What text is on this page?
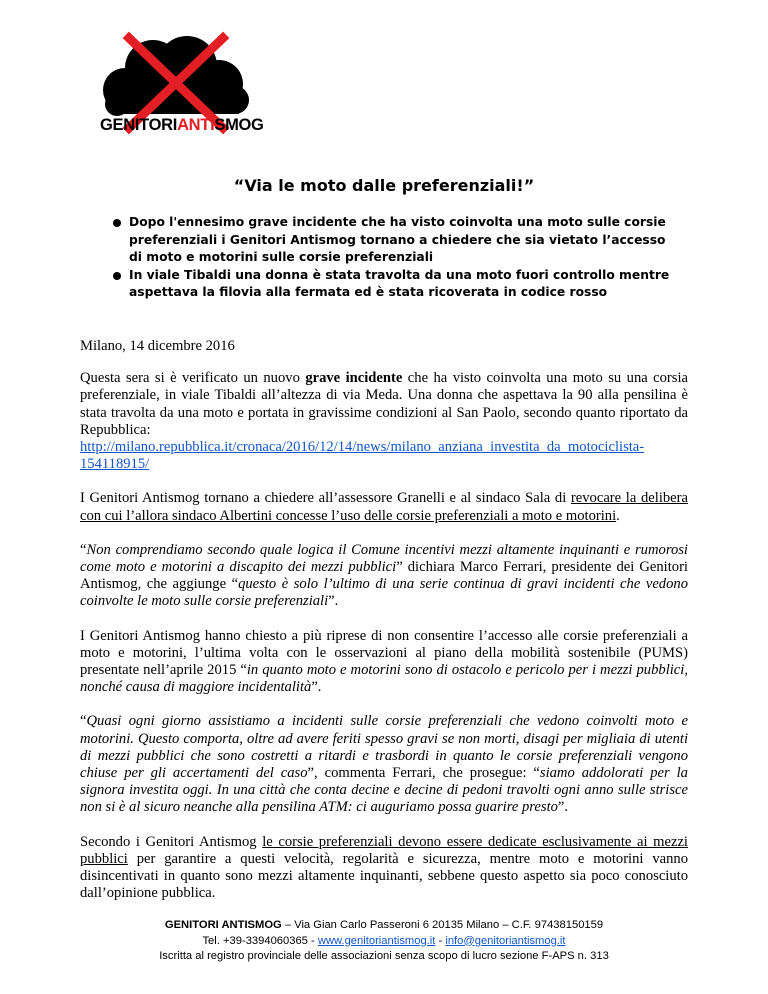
GENITORIANTISMOG
“Via le moto dalle preferenziali!”
Dopo l'ennesimo grave incidente che ha visto coinvolta una moto sulle corsie preferenziali i Genitori Antismog tornano a chiedere che sia vietato l’accesso di moto e motorini sulle corsie preferenziali
In viale Tibaldi una donna è stata travolta da una moto fuori controllo mentre aspettava la filovia alla fermata ed è stata ricoverata in codice rosso

Milano, 14 dicembre 2016

Questa sera si è verificato un nuovo grave incidente che ha visto coinvolta una moto su una corsia preferenziale, in viale Tibaldi all’altezza di via Meda. Una donna che aspettava la 90 alla pensilina è stata travolta da una moto e portata in gravissime condizioni al San Paolo, secondo quanto riportato da Repubblica:
http://milano.repubblica.it/cronaca/2016/12/14/news/milano_anziana_investita_da_motociclista-154118915/

I Genitori Antismog tornano a chiedere all’assessore Granelli e al sindaco Sala di revocare la delibera con cui l’allora sindaco Albertini concesse l’uso delle corsie preferenziali a moto e motorini.

“Non comprendiamo secondo quale logica il Comune incentivi mezzi altamente inquinanti e rumorosi come moto e motorini a discapito dei mezzi pubblici” dichiara Marco Ferrari, presidente dei Genitori Antismog, che aggiunge “questo è solo l’ultimo di una serie continua di gravi incidenti che vedono coinvolte le moto sulle corsie preferenziali”.

I Genitori Antismog hanno chiesto a più riprese di non consentire l’accesso alle corsie preferenziali a moto e motorini, l’ultima volta con le osservazioni al piano della mobilità sostenibile (PUMS) presentate nell’aprile 2015 “in quanto moto e motorini sono di ostacolo e pericolo per i mezzi pubblici, nonché causa di maggiore incidentalità”.

“Quasi ogni giorno assistiamo a incidenti sulle corsie preferenziali che vedono coinvolti moto e motorini. Questo comporta, oltre ad avere feriti spesso gravi se non morti, disagi per migliaia di utenti di mezzi pubblici che sono costretti a ritardi e trasbordi in quanto le corsie preferenziali vengono chiuse per gli accertamenti del caso”, commenta Ferrari, che prosegue: “siamo addolorati per la signora investita oggi. In una città che conta decine e decine di pedoni travolti ogni anno sulle strisce non si è al sicuro neanche alla pensilina ATM: ci auguriamo possa guarire presto”.

Secondo i Genitori Antismog le corsie preferenziali devono essere dedicate esclusivamente ai mezzi pubblici per garantire a questi velocità, regolarità e sicurezza, mentre moto e motorini vanno disincentivati in quanto sono mezzi altamente inquinanti, sebbene questo aspetto sia poco conosciuto dall’opinione pubblica.

GENITORI ANTISMOG – Via Gian Carlo Passeroni 6 20135 Milano – C.F. 97438150159
Tel. +39-3394060365 - www.genitoriantismog.it - info@genitoriantismog.it
Iscritta al registro provinciale delle associazioni senza scopo di lucro sezione F-APS n. 313
